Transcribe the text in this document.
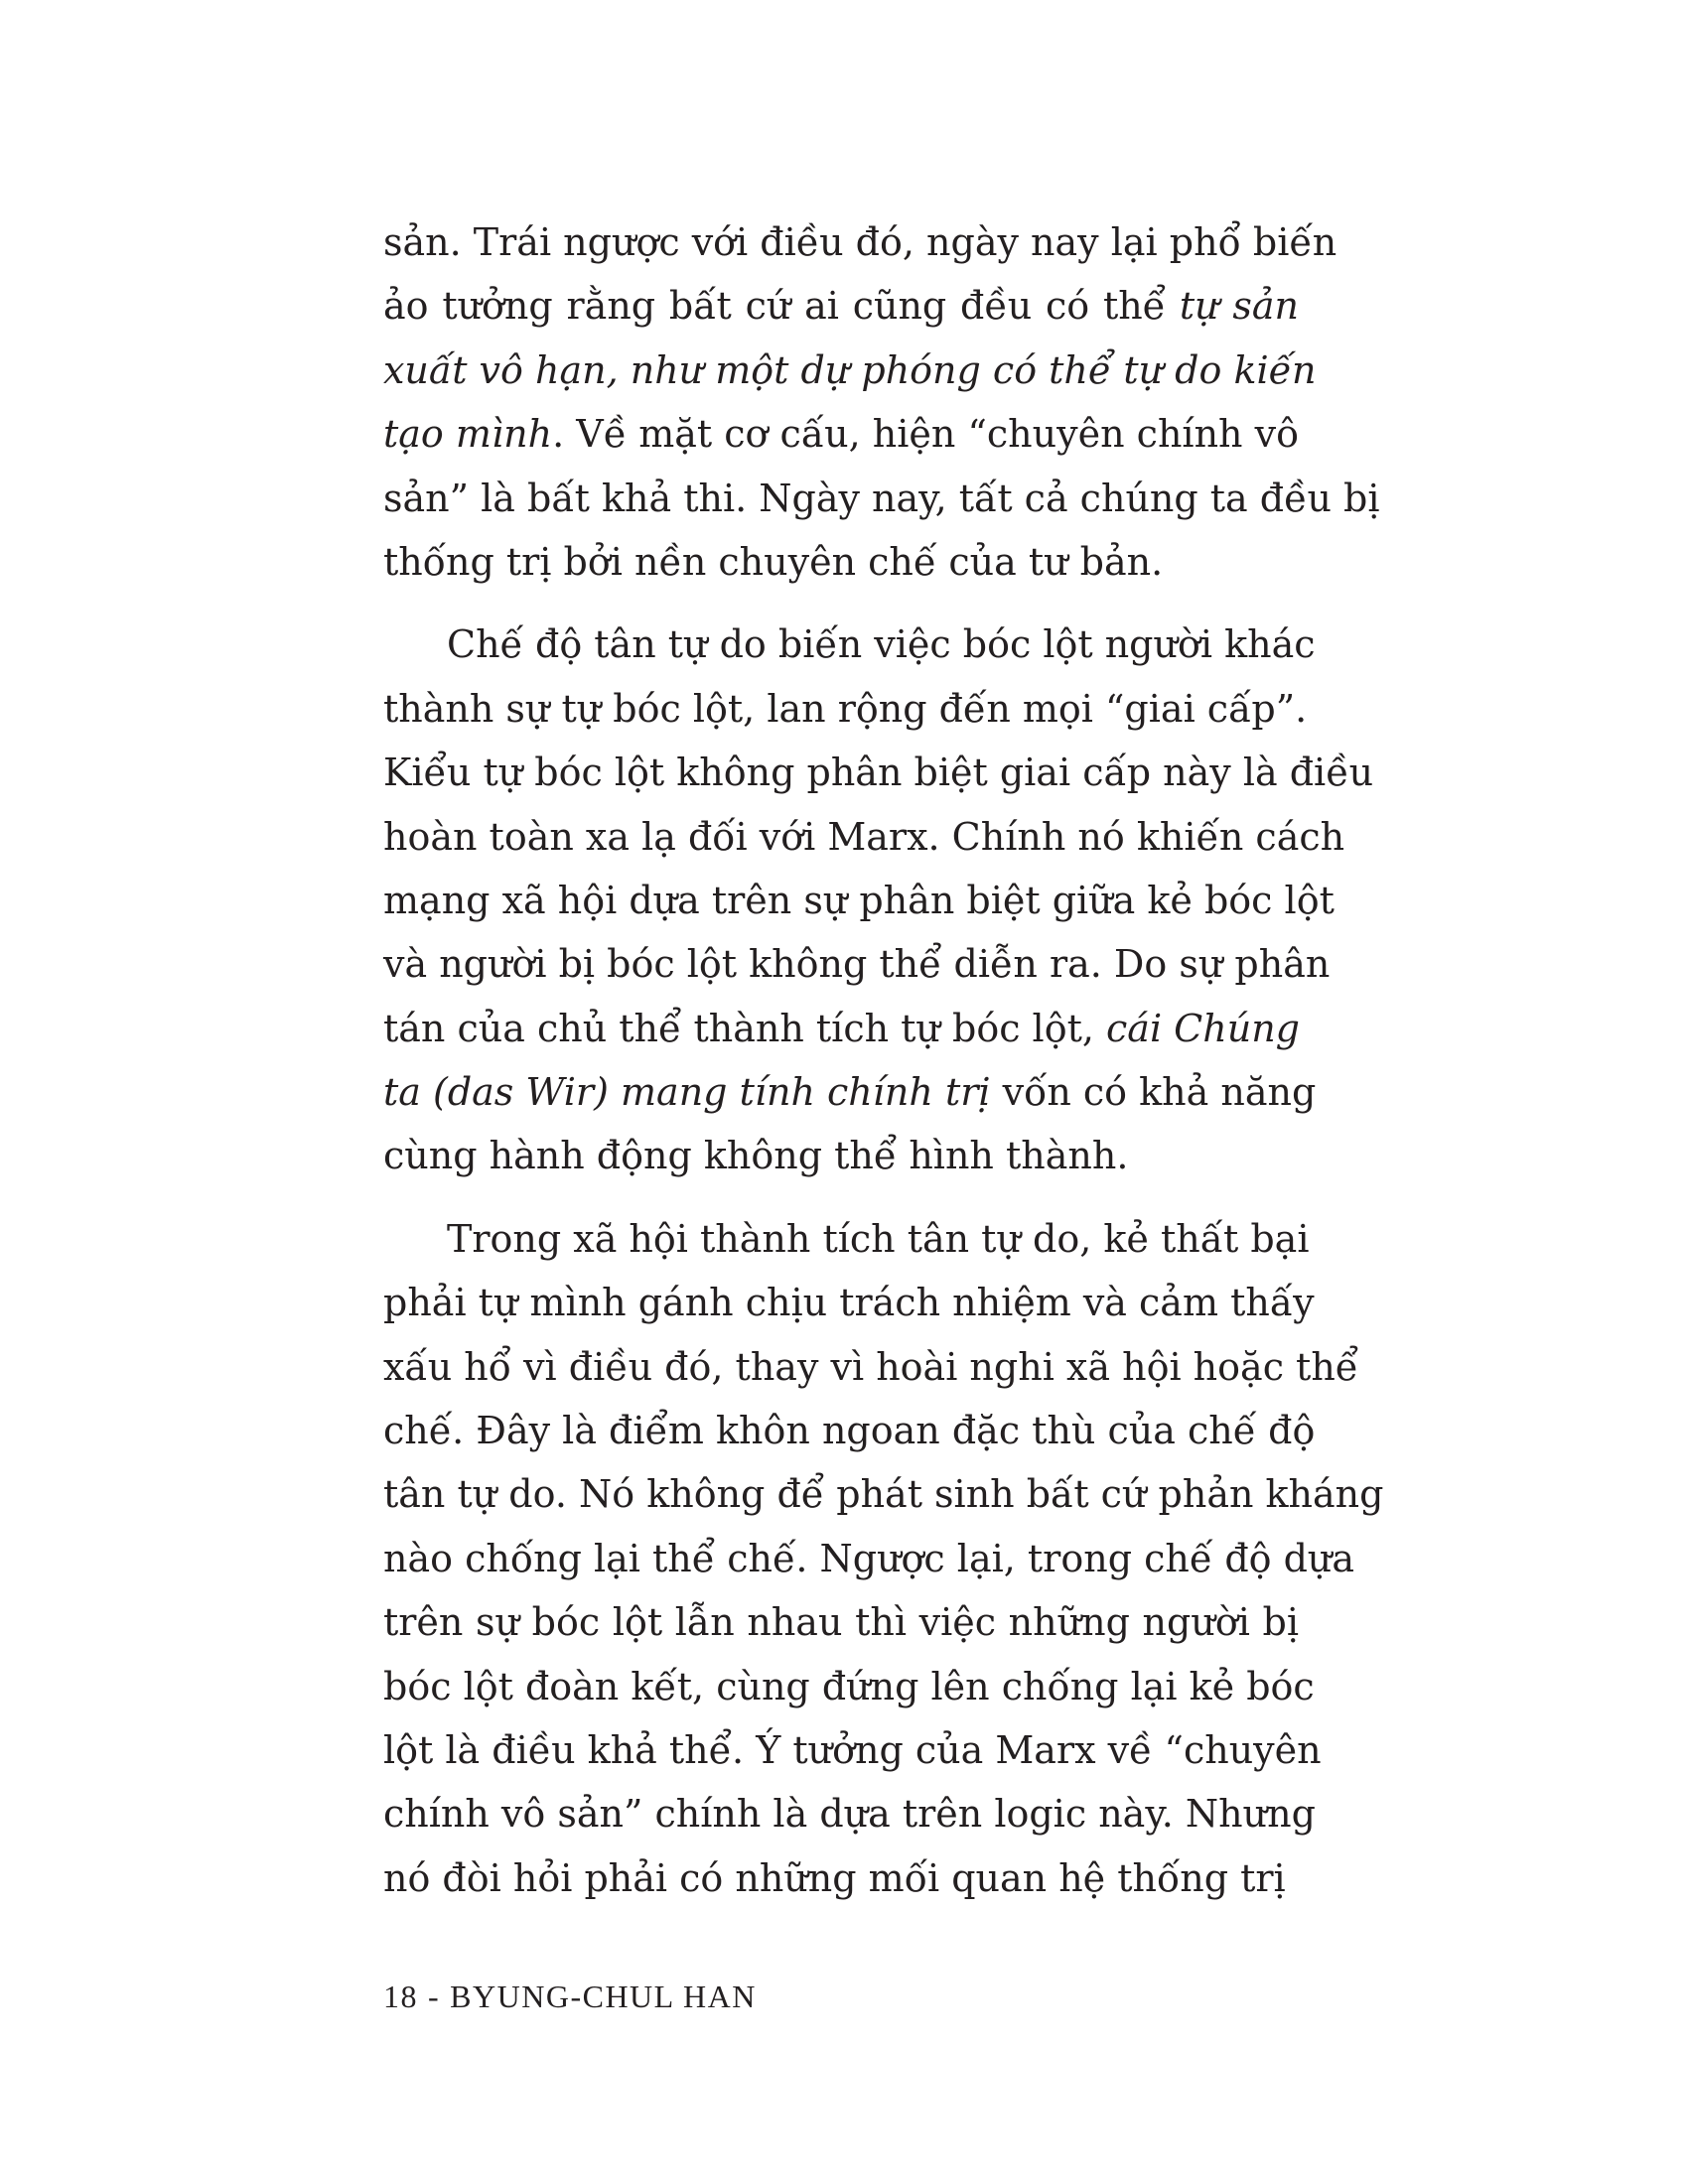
sản. Trái ngược với điều đó, ngày nay lại phổ biến
ảo tưởng rằng bất cứ ai cũng đều có thể tự sản
xuất vô hạn, như một dự phóng có thể tự do kiến
tạo mình. Về mặt cơ cấu, hiện “chuyên chính vô
sản” là bất khả thi. Ngày nay, tất cả chúng ta đều bị
thống trị bởi nền chuyên chế của tư bản.
Chế độ tân tự do biến việc bóc lột người khác
thành sự tự bóc lột, lan rộng đến mọi “giai cấp”.
Kiểu tự bóc lột không phân biệt giai cấp này là điều
hoàn toàn xa lạ đối với Marx. Chính nó khiến cách
mạng xã hội dựa trên sự phân biệt giữa kẻ bóc lột
và người bị bóc lột không thể diễn ra. Do sự phân
tán của chủ thể thành tích tự bóc lột, cái Chúng
ta (das Wir) mang tính chính trị vốn có khả năng
cùng hành động không thể hình thành.
Trong xã hội thành tích tân tự do, kẻ thất bại
phải tự mình gánh chịu trách nhiệm và cảm thấy
xấu hổ vì điều đó, thay vì hoài nghi xã hội hoặc thể
chế. Đây là điểm khôn ngoan đặc thù của chế độ
tân tự do. Nó không để phát sinh bất cứ phản kháng
nào chống lại thể chế. Ngược lại, trong chế độ dựa
trên sự bóc lột lẫn nhau thì việc những người bị
bóc lột đoàn kết, cùng đứng lên chống lại kẻ bóc
lột là điều khả thể. Ý tưởng của Marx về “chuyên
chính vô sản” chính là dựa trên logic này. Nhưng
nó đòi hỏi phải có những mối quan hệ thống trị
18 - BYUNG-CHUL HAN
